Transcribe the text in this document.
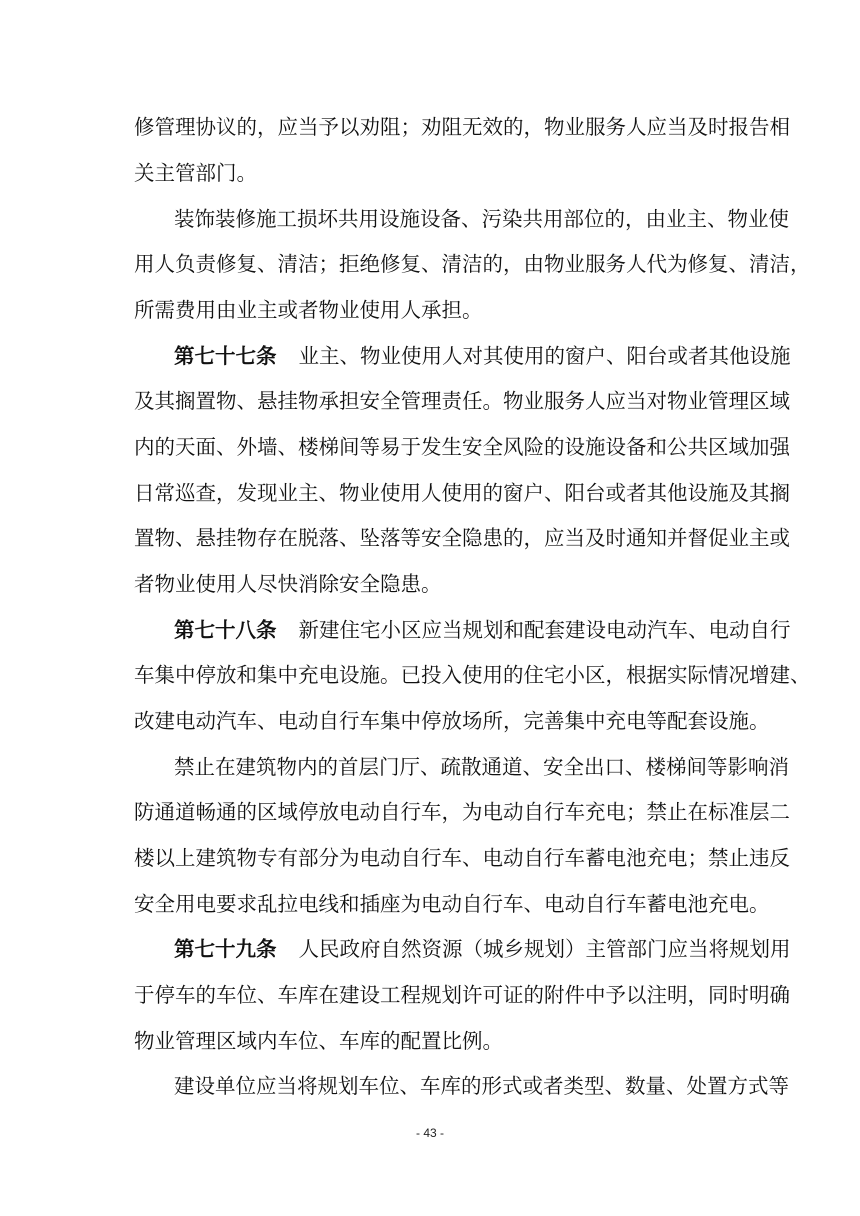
修管理协议的，应当予以劝阻；劝阻无效的，物业服务人应当及时报告相
关主管部门。
装饰装修施工损坏共用设施设备、污染共用部位的，由业主、物业使
用人负责修复、清洁；拒绝修复、清洁的，由物业服务人代为修复、清洁，
所需费用由业主或者物业使用人承担。
第七十七条 业主、物业使用人对其使用的窗户、阳台或者其他设施
及其搁置物、悬挂物承担安全管理责任。物业服务人应当对物业管理区域
内的天面、外墙、楼梯间等易于发生安全风险的设施设备和公共区域加强
日常巡查，发现业主、物业使用人使用的窗户、阳台或者其他设施及其搁
置物、悬挂物存在脱落、坠落等安全隐患的，应当及时通知并督促业主或
者物业使用人尽快消除安全隐患。
第七十八条 新建住宅小区应当规划和配套建设电动汽车、电动自行
车集中停放和集中充电设施。已投入使用的住宅小区，根据实际情况增建、
改建电动汽车、电动自行车集中停放场所，完善集中充电等配套设施。
禁止在建筑物内的首层门厅、疏散通道、安全出口、楼梯间等影响消
防通道畅通的区域停放电动自行车，为电动自行车充电；禁止在标准层二
楼以上建筑物专有部分为电动自行车、电动自行车蓄电池充电；禁止违反
安全用电要求乱拉电线和插座为电动自行车、电动自行车蓄电池充电。
第七十九条 人民政府自然资源（城乡规划）主管部门应当将规划用
于停车的车位、车库在建设工程规划许可证的附件中予以注明，同时明确
物业管理区域内车位、车库的配置比例。
建设单位应当将规划车位、车库的形式或者类型、数量、处置方式等
- 43 -
